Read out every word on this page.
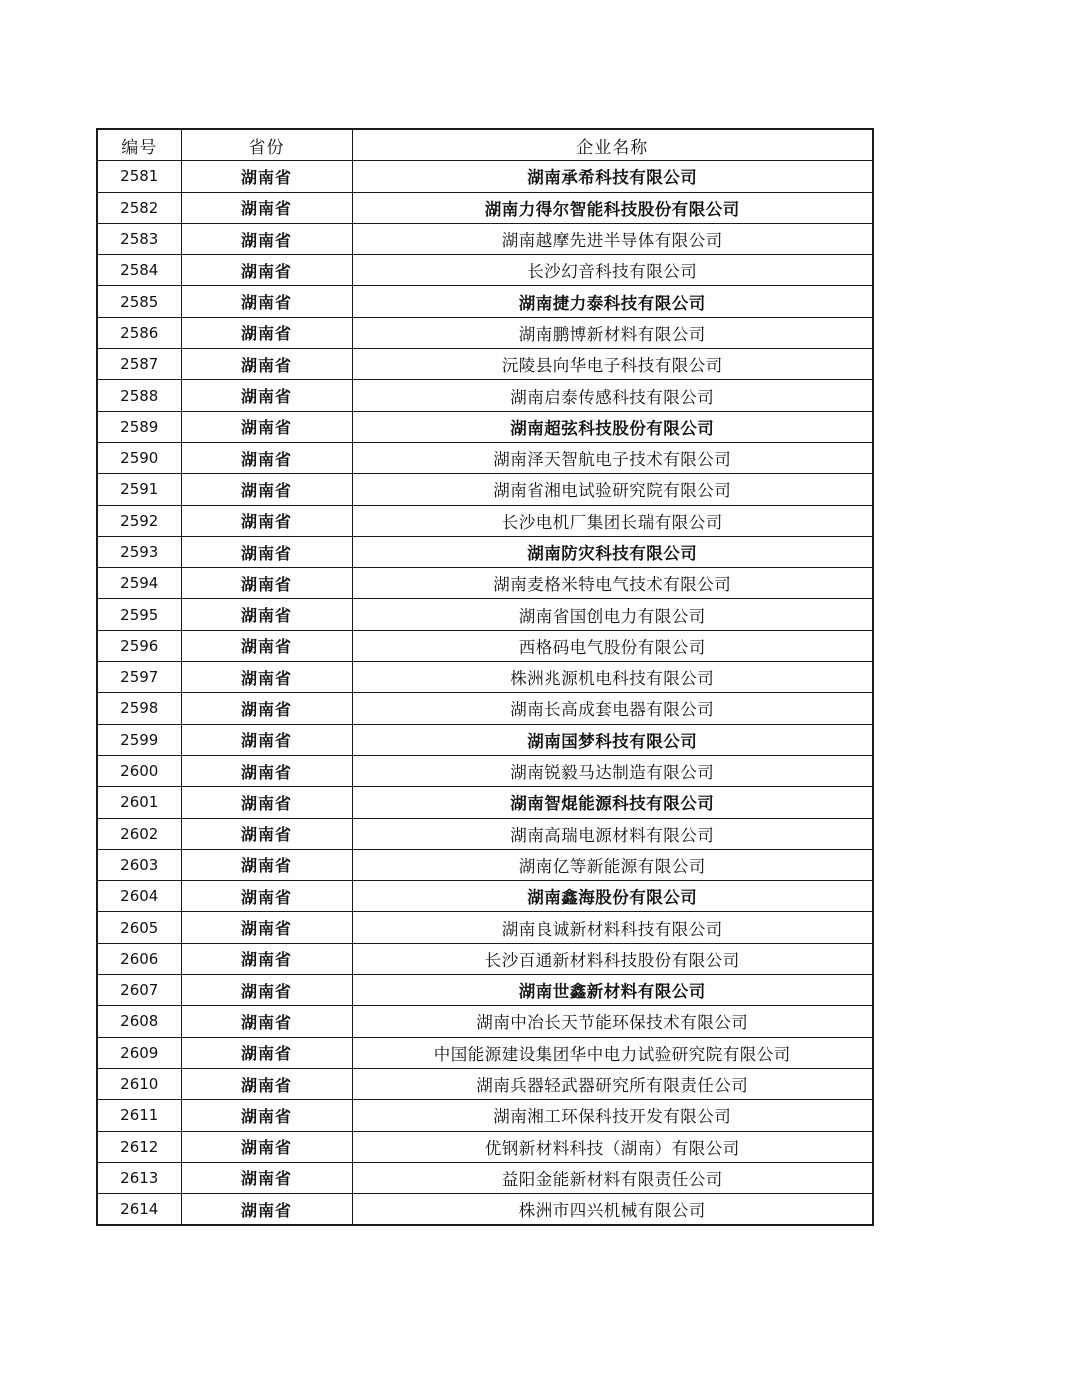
编号	省份	企业名称
2581	湖南省	湖南承希科技有限公司
2582	湖南省	湖南力得尔智能科技股份有限公司
2583	湖南省	湖南越摩先进半导体有限公司
2584	湖南省	长沙幻音科技有限公司
2585	湖南省	湖南捷力泰科技有限公司
2586	湖南省	湖南鹏博新材料有限公司
2587	湖南省	沅陵县向华电子科技有限公司
2588	湖南省	湖南启泰传感科技有限公司
2589	湖南省	湖南超弦科技股份有限公司
2590	湖南省	湖南泽天智航电子技术有限公司
2591	湖南省	湖南省湘电试验研究院有限公司
2592	湖南省	长沙电机厂集团长瑞有限公司
2593	湖南省	湖南防灾科技有限公司
2594	湖南省	湖南麦格米特电气技术有限公司
2595	湖南省	湖南省国创电力有限公司
2596	湖南省	西格码电气股份有限公司
2597	湖南省	株洲兆源机电科技有限公司
2598	湖南省	湖南长高成套电器有限公司
2599	湖南省	湖南国梦科技有限公司
2600	湖南省	湖南锐毅马达制造有限公司
2601	湖南省	湖南智焜能源科技有限公司
2602	湖南省	湖南高瑞电源材料有限公司
2603	湖南省	湖南亿等新能源有限公司
2604	湖南省	湖南鑫海股份有限公司
2605	湖南省	湖南良诚新材料科技有限公司
2606	湖南省	长沙百通新材料科技股份有限公司
2607	湖南省	湖南世鑫新材料有限公司
2608	湖南省	湖南中冶长天节能环保技术有限公司
2609	湖南省	中国能源建设集团华中电力试验研究院有限公司
2610	湖南省	湖南兵器轻武器研究所有限责任公司
2611	湖南省	湖南湘工环保科技开发有限公司
2612	湖南省	优钢新材料科技（湖南）有限公司
2613	湖南省	益阳金能新材料有限责任公司
2614	湖南省	株洲市四兴机械有限公司
